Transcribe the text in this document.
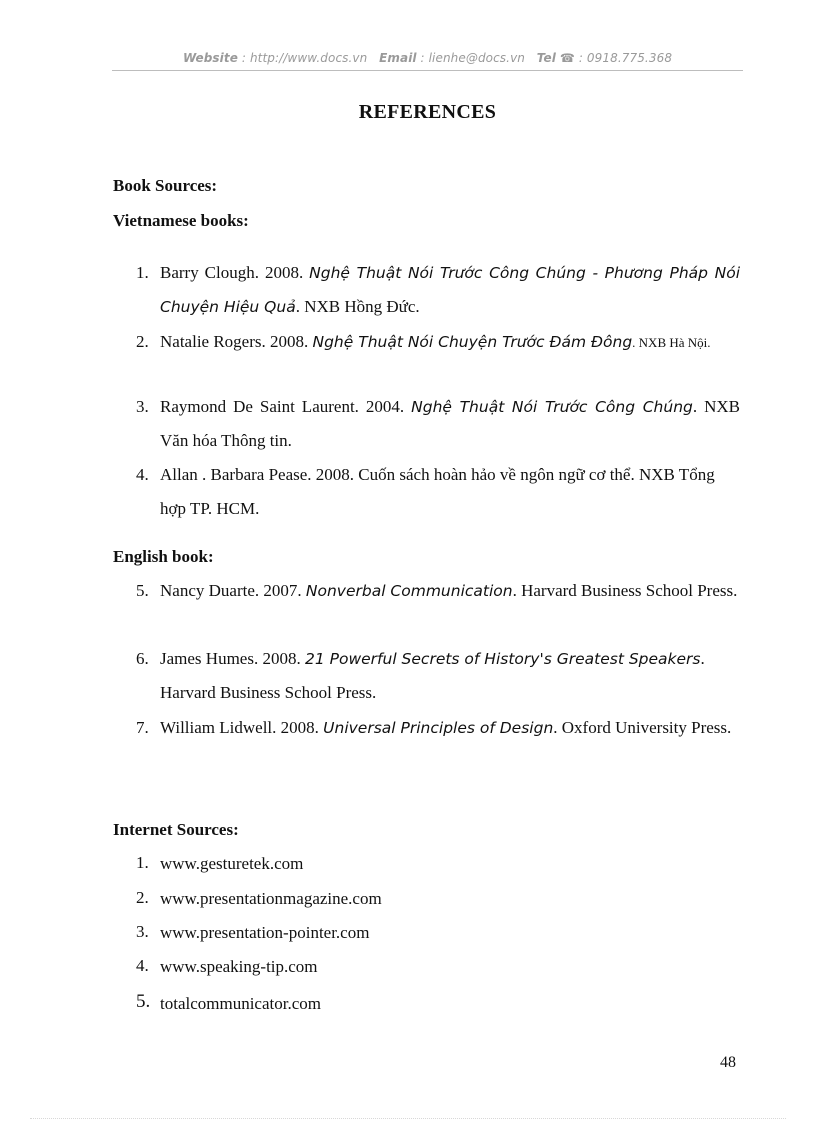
Website : http://www.docs.vn Email : lienhe@docs.vn Tel ☎ : 0918.775.368
REFERENCES
Book Sources:
Vietnamese books:
1. Barry Clough. 2008. Nghệ Thuật Nói Trước Công Chúng - Phương Pháp Nói Chuyện Hiệu Quả. NXB Hồng Đức.
2. Natalie Rogers. 2008. Nghệ Thuật Nói Chuyện Trước Đám Đông. NXB Hà Nội.
3. Raymond De Saint Laurent. 2004. Nghệ Thuật Nói Trước Công Chúng. NXB Văn hóa Thông tin.
4. Allan . Barbara Pease. 2008. Cuốn sách hoàn hảo về ngôn ngữ cơ thể. NXB Tổng hợp TP. HCM.
English book:
5. Nancy Duarte. 2007. Nonverbal Communication. Harvard Business School Press.
6. James Humes. 2008. 21 Powerful Secrets of History's Greatest Speakers. Harvard Business School Press.
7. William Lidwell. 2008. Universal Principles of Design. Oxford University Press.
Internet Sources:
1. www.gesturetek.com
2. www.presentationmagazine.com
3. www.presentation-pointer.com
4. www.speaking-tip.com
5. totalcommunicator.com
48
